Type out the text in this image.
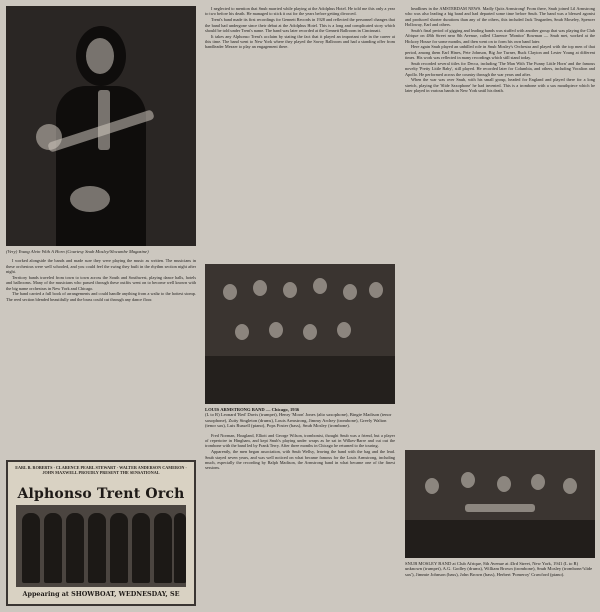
(Very) Young Alvin With A Horn (Courtesy Snub Mosley/Slocumbe Magazine)

I worked alongside the bands and made sure they were playing the music as written. The musicians in these orchestras were well schooled, and you could feel the swing they built in the rhythm section night after night.

Territory bands traveled from town to town across the South and Southwest, playing dance halls, hotels and ballrooms. Many of the musicians who passed through these outfits went on to become well known with the big name orchestras in New York and Chicago.

The band carried a full book of arrangements and could handle anything from a waltz to the hottest stomp. The reed section blended beautifully and the brass could cut through any dance floor.

EARL B. ROBERTS · CLARENCE PEARL STEWART · WALTER ANDERSON CAMERON · JOHN MAXWELL PROUDLY PRESENT THE SENSATIONAL
Alphonso Trent Orch
Appearing at SHOWBOAT, WEDNESDAY, SE

I neglected to mention that Snub married while playing at the Adolphus Hotel. He told me this only a year to two before his death. He managed to stick it out for the years before getting divorced.

Trent's band made its first recordings for Gennett Records in 1928 and reflected the personnel changes that the band had undergone since their debut at the Adolphus Hotel. This is a long and complicated story which should be told under Trent's name. The band was later recorded at the Gennett Ballroom in Cincinnati.

It takes any Alphonso Trent's acclaim by stating the fact that it played an important role in the career at this time. The band went to New York where they played the Savoy Ballroom and had a standing offer from bandleader Mezzer to play an engagement there.

LOUIS ARMSTRONG BAND — Chicago, 1936
(L to R) Leonard 'Red' Davis (trumpet), Henry 'Moon' Jones (alto saxophone), Bingie Madison (tenor saxophone), Zutty Singleton (drums), Louis Armstrong, Jimmy Archey (trombone), Greely Walton (tenor sax), Luis Russell (piano), Pops Foster (bass), Snub Mosley (trombone).

Fred Norman, Hoagland, Elliott and George Wilson, trombonist, thought Snub was a friend, but a player of repertoire in Hingham, and kept Snub's playing under wraps as he sat in Wilkes-Barre and cut out the trombone with the band led by Frank Terry. After three months in Chicago he returned to the touring.

Apparently, the men began association, with Snub Wellsy, leaving the band with the bag and the lead. Snub stayed seven years, and was well noticed on what became famous for the Louis Armstrong, including much, especially the recording by Ralph Madison, the Armstrong band in what became one of the finest sessions.

headlines in the AMSTERDAM NEWS. Madly Quits Armstrong! From there, Snub joined Lil Armstrong who was also leading a big band and had departed some time before Snub. The band was a blessed agonist and produced shorter durations than any of the others, this included Jack Teagarden, Snub Moseley, Spencer Holloway, Earl and others.

Snub's final period of gigging and leading bands was stuffed with another group that was playing the Club Afrique on 48th Street near 8th Avenue, called Clarence 'Monitor' Bowman — Snub met, worked at the Hickory House for some months, and then went on to form his own band later.

Here again Snub played an unbilled role in Snub Mosley's Orchestra and played with the top men of that period, among them Earl Hines, Pete Johnson, Big Joe Turner, Buck Clayton and Lester Young at different times. His work was reflected in many recordings which still stand today.

Snub recorded several titles for Decca, including 'The Man With The Funny Little Horn' and the famous novelty 'Pretty Little Baby', still played. He recorded later for Columbia, and others, including Vocalion and Apollo. He performed across the country through the war years and after.

When the war was over Snub, with his small group, headed for England and played there for a long stretch, playing the 'Slide Saxophone' he had invented. This is a trombone with a sax mouthpiece which he later played in various bands in New York until his death.

SNUB MOSLEY BAND at Club Afrique, 8th Avenue at 43rd Street, New York, 1941 (L to R) unknown (trumpet), A.G. Godley (drums), William Brown (trombone), Snub Mosley (trombone/'slide sax'), Jimmie Johnson (bass), John Brown (bass), Herbert 'Pomeroy' Crawford (piano).
